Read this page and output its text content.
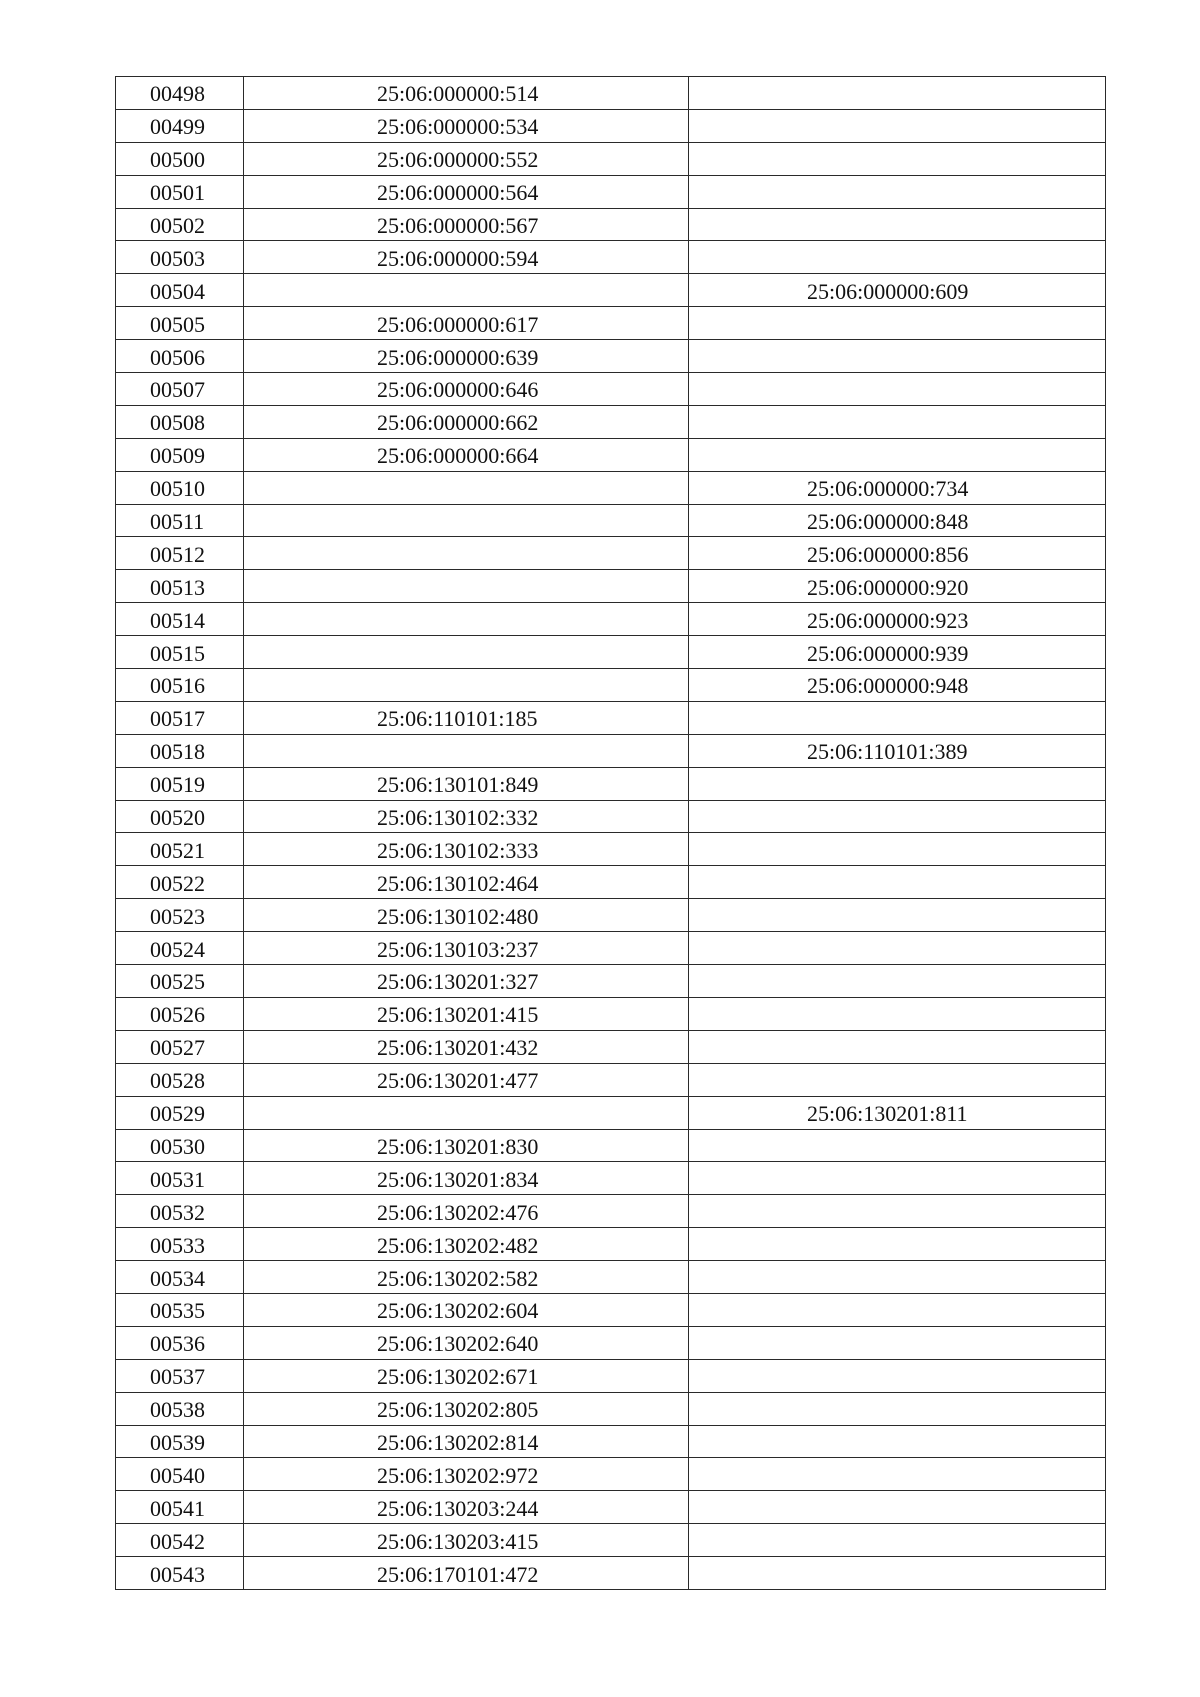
00498	25:06:000000:514	
00499	25:06:000000:534	
00500	25:06:000000:552	
00501	25:06:000000:564	
00502	25:06:000000:567	
00503	25:06:000000:594	
00504		25:06:000000:609
00505	25:06:000000:617	
00506	25:06:000000:639	
00507	25:06:000000:646	
00508	25:06:000000:662	
00509	25:06:000000:664	
00510		25:06:000000:734
00511		25:06:000000:848
00512		25:06:000000:856
00513		25:06:000000:920
00514		25:06:000000:923
00515		25:06:000000:939
00516		25:06:000000:948
00517	25:06:110101:185	
00518		25:06:110101:389
00519	25:06:130101:849	
00520	25:06:130102:332	
00521	25:06:130102:333	
00522	25:06:130102:464	
00523	25:06:130102:480	
00524	25:06:130103:237	
00525	25:06:130201:327	
00526	25:06:130201:415	
00527	25:06:130201:432	
00528	25:06:130201:477	
00529		25:06:130201:811
00530	25:06:130201:830	
00531	25:06:130201:834	
00532	25:06:130202:476	
00533	25:06:130202:482	
00534	25:06:130202:582	
00535	25:06:130202:604	
00536	25:06:130202:640	
00537	25:06:130202:671	
00538	25:06:130202:805	
00539	25:06:130202:814	
00540	25:06:130202:972	
00541	25:06:130203:244	
00542	25:06:130203:415	
00543	25:06:170101:472	
